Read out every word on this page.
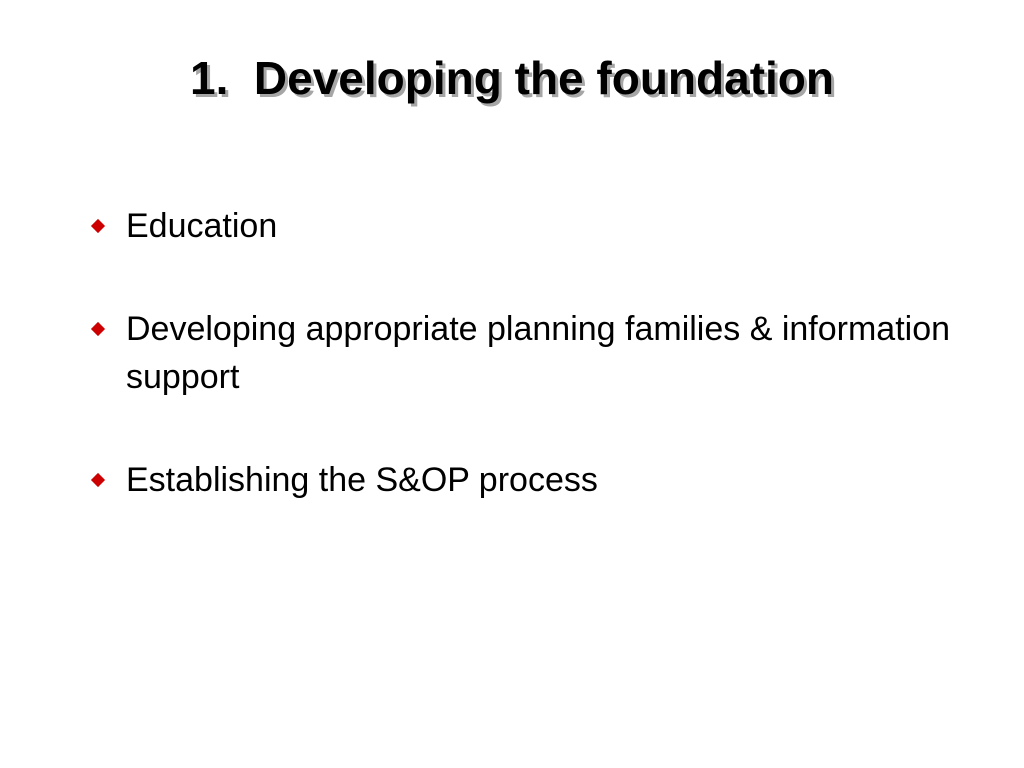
1.  Developing the foundation
Education
Developing appropriate planning families & information support
Establishing the S&OP process
